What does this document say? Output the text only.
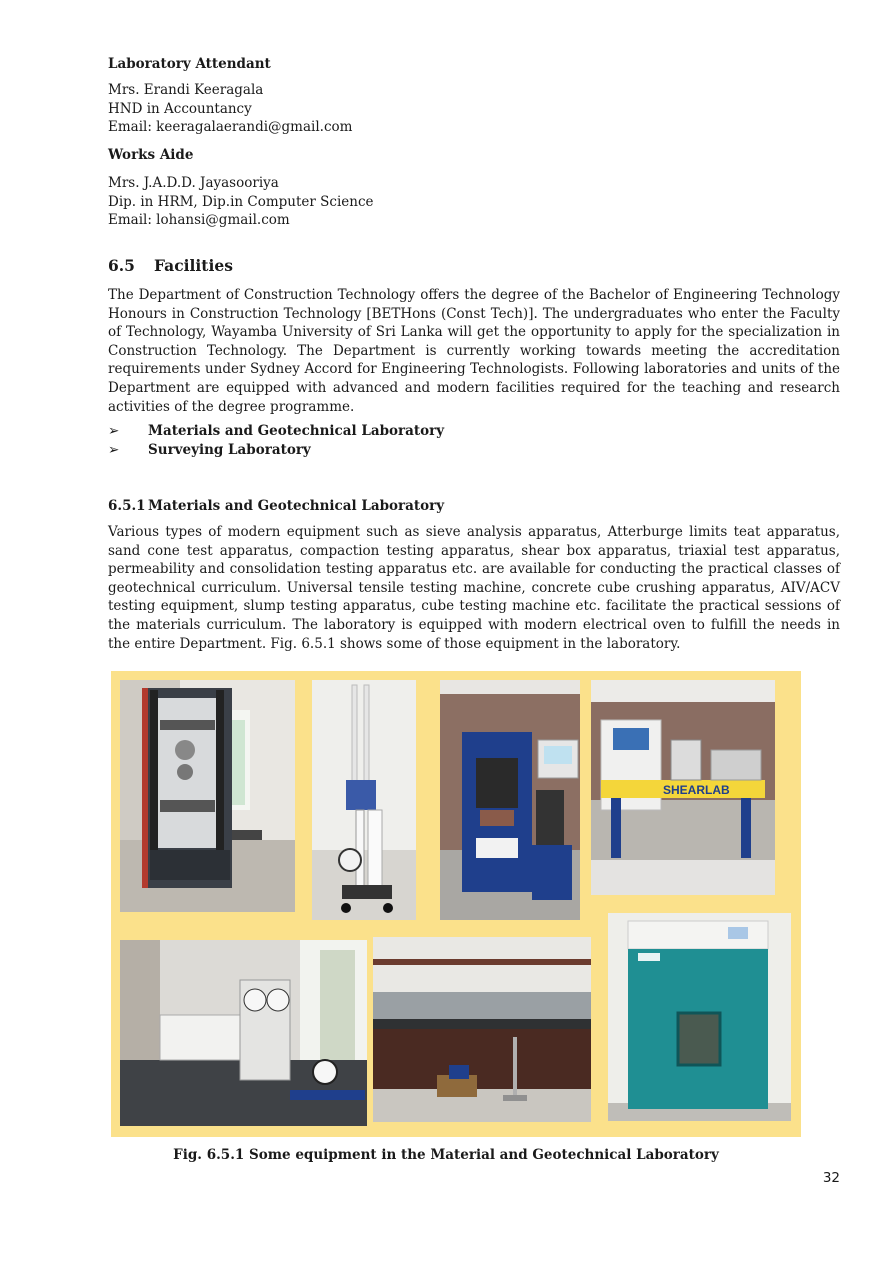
Laboratory Attendant
Mrs. Erandi Keeragala
HND in Accountancy
Email: keeragalaerandi@gmail.com
Works Aide
Mrs. J.A.D.D. Jayasooriya
Dip. in HRM, Dip.in Computer Science
Email: lohansi@gmail.com
6.5 Facilities
The Department of Construction Technology offers the degree of the Bachelor of Engineering Technology Honours in Construction Technology [BETHons (Const Tech)]. The undergraduates who enter the Faculty of Technology, Wayamba University of Sri Lanka will get the opportunity to apply for the specialization in Construction Technology. The Department is currently working towards meeting the accreditation requirements under Sydney Accord for Engineering Technologists. Following laboratories and units of the Department are equipped with advanced and modern facilities required for the teaching and research activities of the degree programme.
➢ Materials and Geotechnical Laboratory
➢ Surveying Laboratory
6.5.1 Materials and Geotechnical Laboratory
Various types of modern equipment such as sieve analysis apparatus, Atterburge limits teat apparatus, sand cone test apparatus, compaction testing apparatus, shear box apparatus, triaxial test apparatus, permeability and consolidation testing apparatus etc. are available for conducting the practical classes of geotechnical curriculum. Universal tensile testing machine, concrete cube crushing apparatus, AIV/ACV testing equipment, slump testing apparatus, cube testing machine etc. facilitate the practical sessions of the materials curriculum. The laboratory is equipped with modern electrical oven to fulfill the needs in the entire Department. Fig. 6.5.1 shows some of those equipment in the laboratory.
SHEARLAB
Fig. 6.5.1 Some equipment in the Material and Geotechnical Laboratory
32
